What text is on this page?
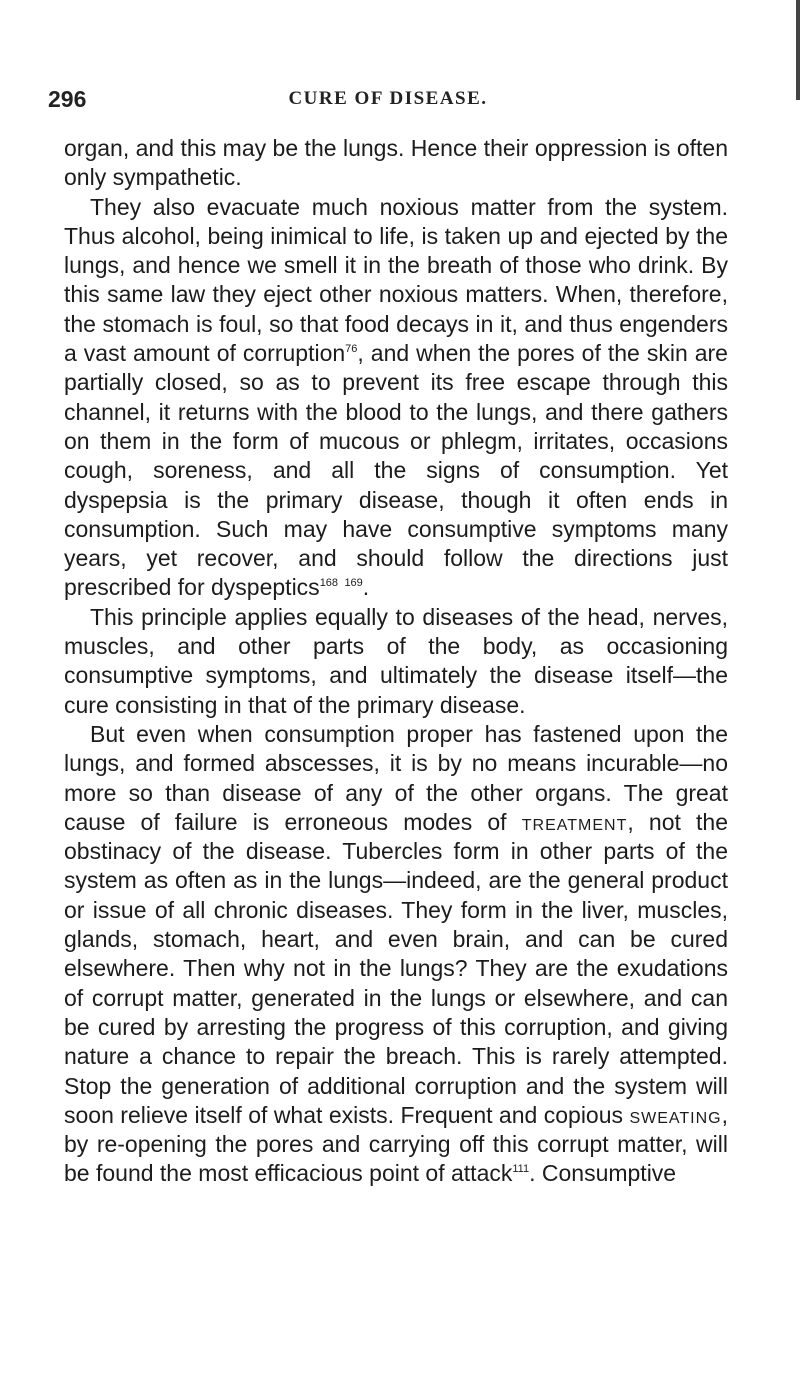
296	CURE OF DISEASE.

organ, and this may be the lungs. Hence their oppression is often only sympathetic.

They also evacuate much noxious matter from the system. Thus alcohol, being inimical to life, is taken up and ejected by the lungs, and hence we smell it in the breath of those who drink. By this same law they eject other noxious matters. When, therefore, the stomach is foul, so that food decays in it, and thus engenders a vast amount of corruption$^{76}$, and when the pores of the skin are partially closed, so as to prevent its free escape through this channel, it returns with the blood to the lungs, and there gathers on them in the form of mucous or phlegm, irritates, occasions cough, soreness, and all the signs of consumption. Yet dyspepsia is the primary disease, though it often ends in consumption. Such may have consumptive symptoms many years, yet recover, and should follow the directions just prescribed for dyspeptics$^{168}$ $^{169}$.

This principle applies equally to diseases of the head, nerves, muscles, and other parts of the body, as occasioning consumptive symptoms, and ultimately the disease itself—the cure consisting in that of the primary disease.

But even when consumption proper has fastened upon the lungs, and formed abscesses, it is by no means incurable—no more so than disease of any of the other organs. The great cause of failure is erroneous modes of treatment, not the obstinacy of the disease. Tubercles form in other parts of the system as often as in the lungs—indeed, are the general product or issue of all chronic diseases. They form in the liver, muscles, glands, stomach, heart, and even brain, and can be cured elsewhere. Then why not in the lungs? They are the exudations of corrupt matter, generated in the lungs or elsewhere, and can be cured by arresting the progress of this corruption, and giving nature a chance to repair the breach. This is rarely attempted. Stop the generation of additional corruption and the system will soon relieve itself of what exists. Frequent and copious sweating, by re-opening the pores and carrying off this corrupt matter, will be found the most efficacious point of attack$^{111}$. Consumptive
